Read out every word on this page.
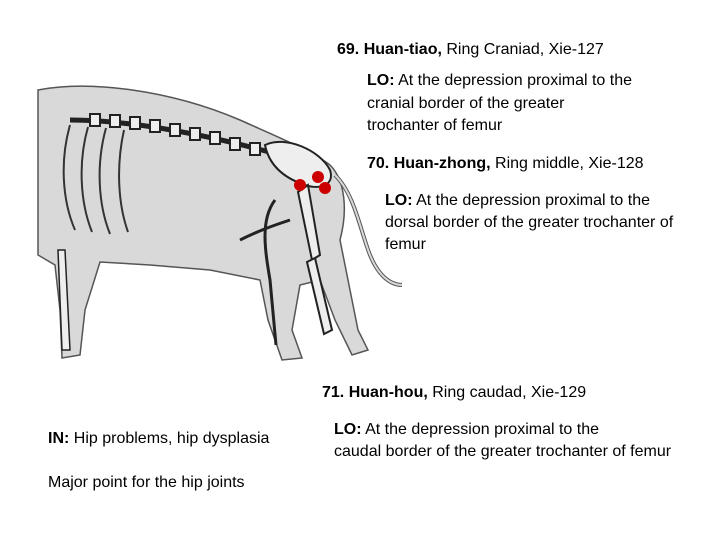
69. Huan-tiao, Ring Craniad, Xie-127
LO: At the depression proximal to the
cranial border of the greater
trochanter of femur
70. Huan-zhong, Ring middle, Xie-128
LO: At the depression proximal to the
dorsal border of the greater trochanter of
femur
71. Huan-hou, Ring caudad, Xie-129
LO: At the depression proximal to the
caudal border of the greater trochanter of femur
IN: Hip problems, hip dysplasia
Major point for the hip joints
